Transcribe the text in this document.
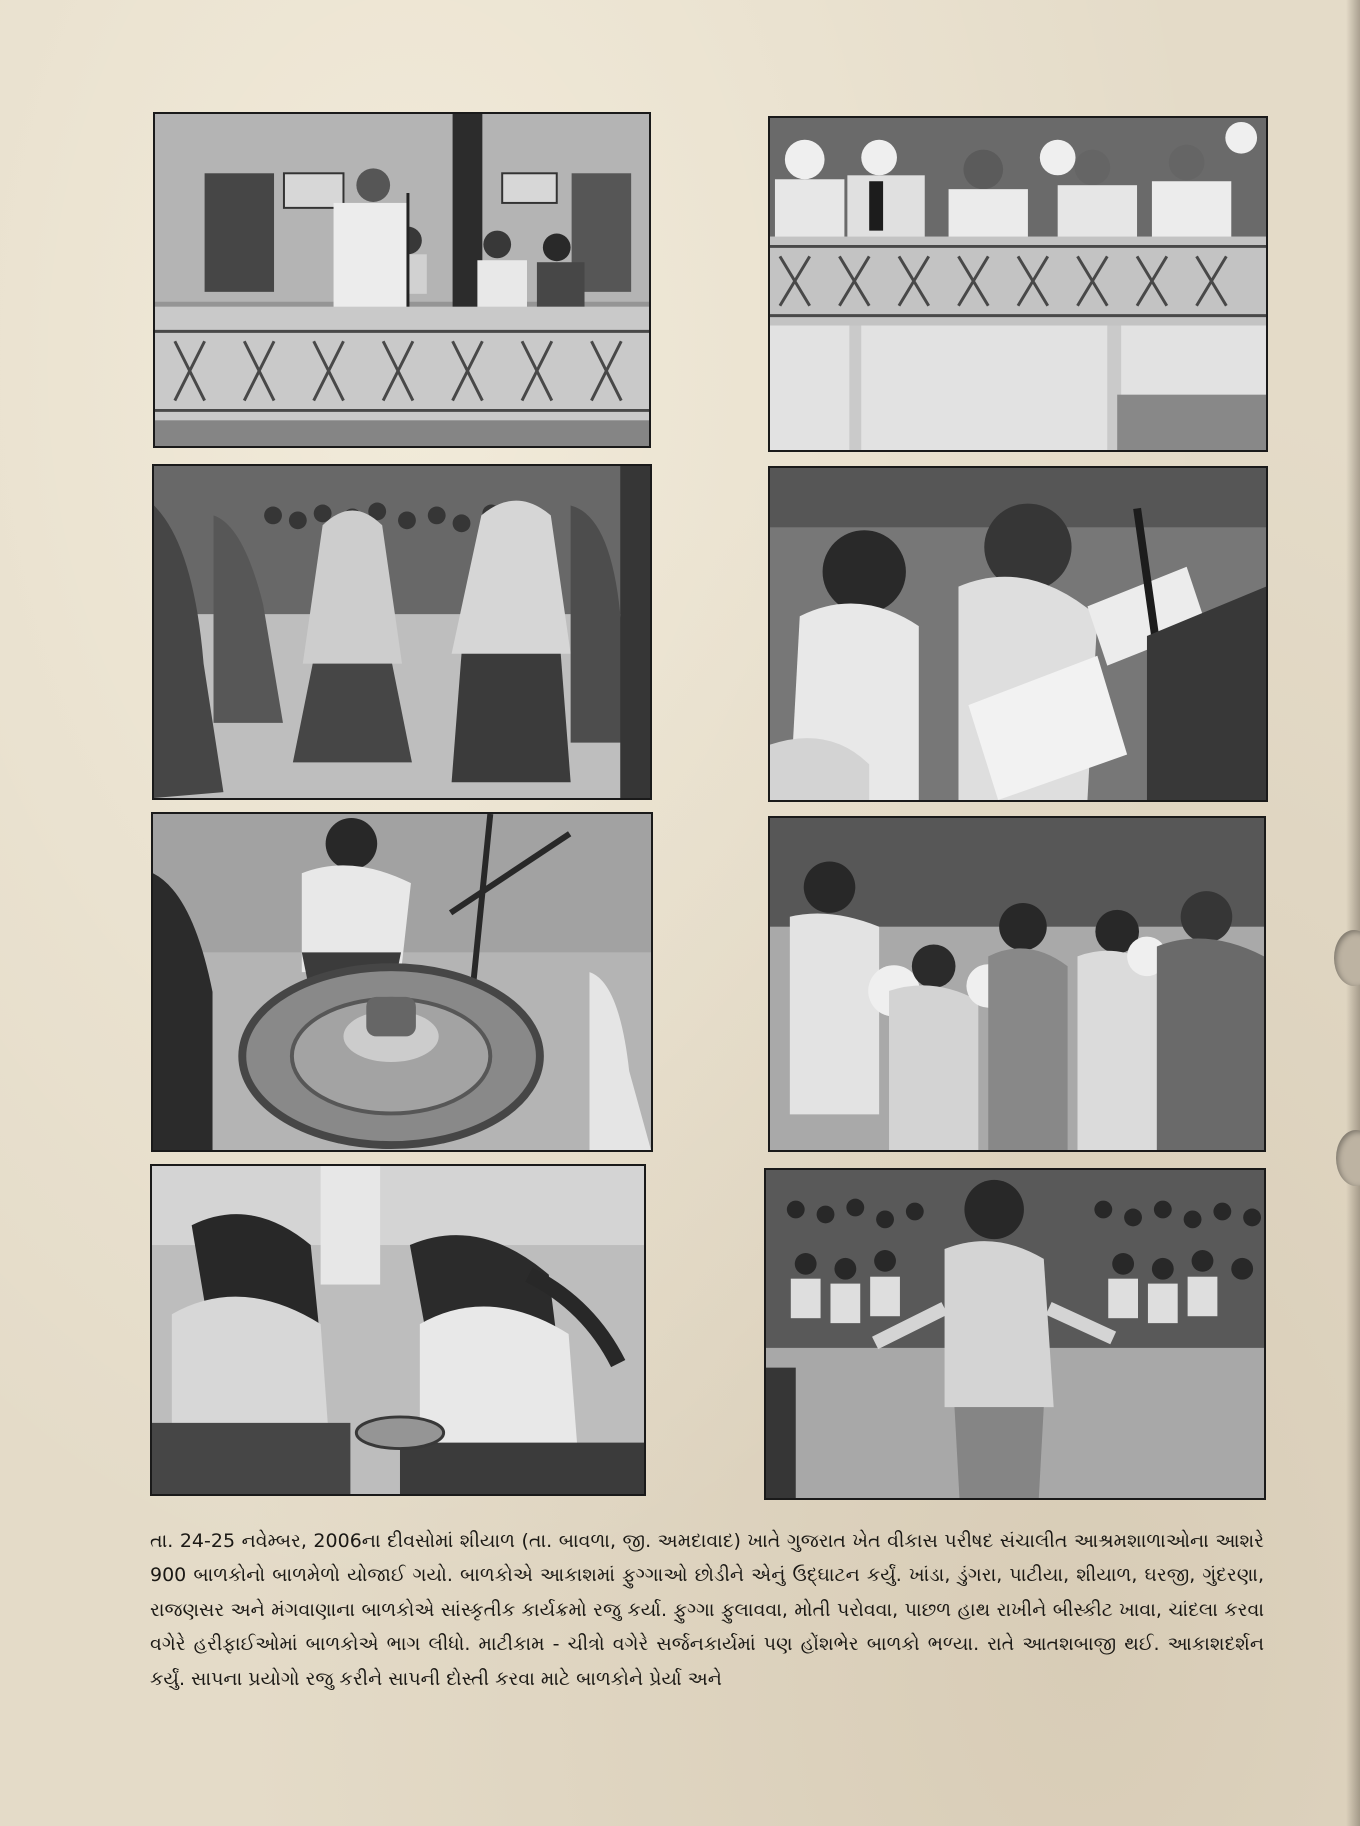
તા. 24-25 નવેમ્બર, 2006ના દીવસોમાં શીયાળ (તા. બાવળા, જી. અમદાવાદ) ખાતે ગુજરાત ખેત વીકાસ પરીષદ સંચાલીત આશ્રમશાળાઓના આશરે 900 બાળકોનો બાળમેળો યોજાઈ ગયો. બાળકોએ આકાશમાં ફુગ્ગાઓ છોડીને એનું ઉદ્ઘાટન કર્યું. ખાંડા, ડુંગરા, પાટીયા, શીયાળ, ઘરજી, ગુંદરણા, રાજણસર અને મંગવાણાના બાળકોએ સાંસ્કૃતીક કાર્યક્રમો રજુ કર્યા. ફુગ્ગા ફુલાવવા, મોતી પરોવવા, પાછળ હાથ રાખીને બીસ્કીટ ખાવા, ચાંદલા કરવા વગેરે હરીફાઈઓમાં બાળકોએ ભાગ લીધો. માટીકામ - ચીત્રો વગેરે સર્જનકાર્યમાં પણ હોંશભેર બાળકો ભળ્યા. રાતે આતશબાજી થઈ. આકાશદર્શન કર્યું. સાપના પ્રયોગો રજુ કરીને સાપની દોસ્તી કરવા માટે બાળકોને પ્રેર્યા અને
